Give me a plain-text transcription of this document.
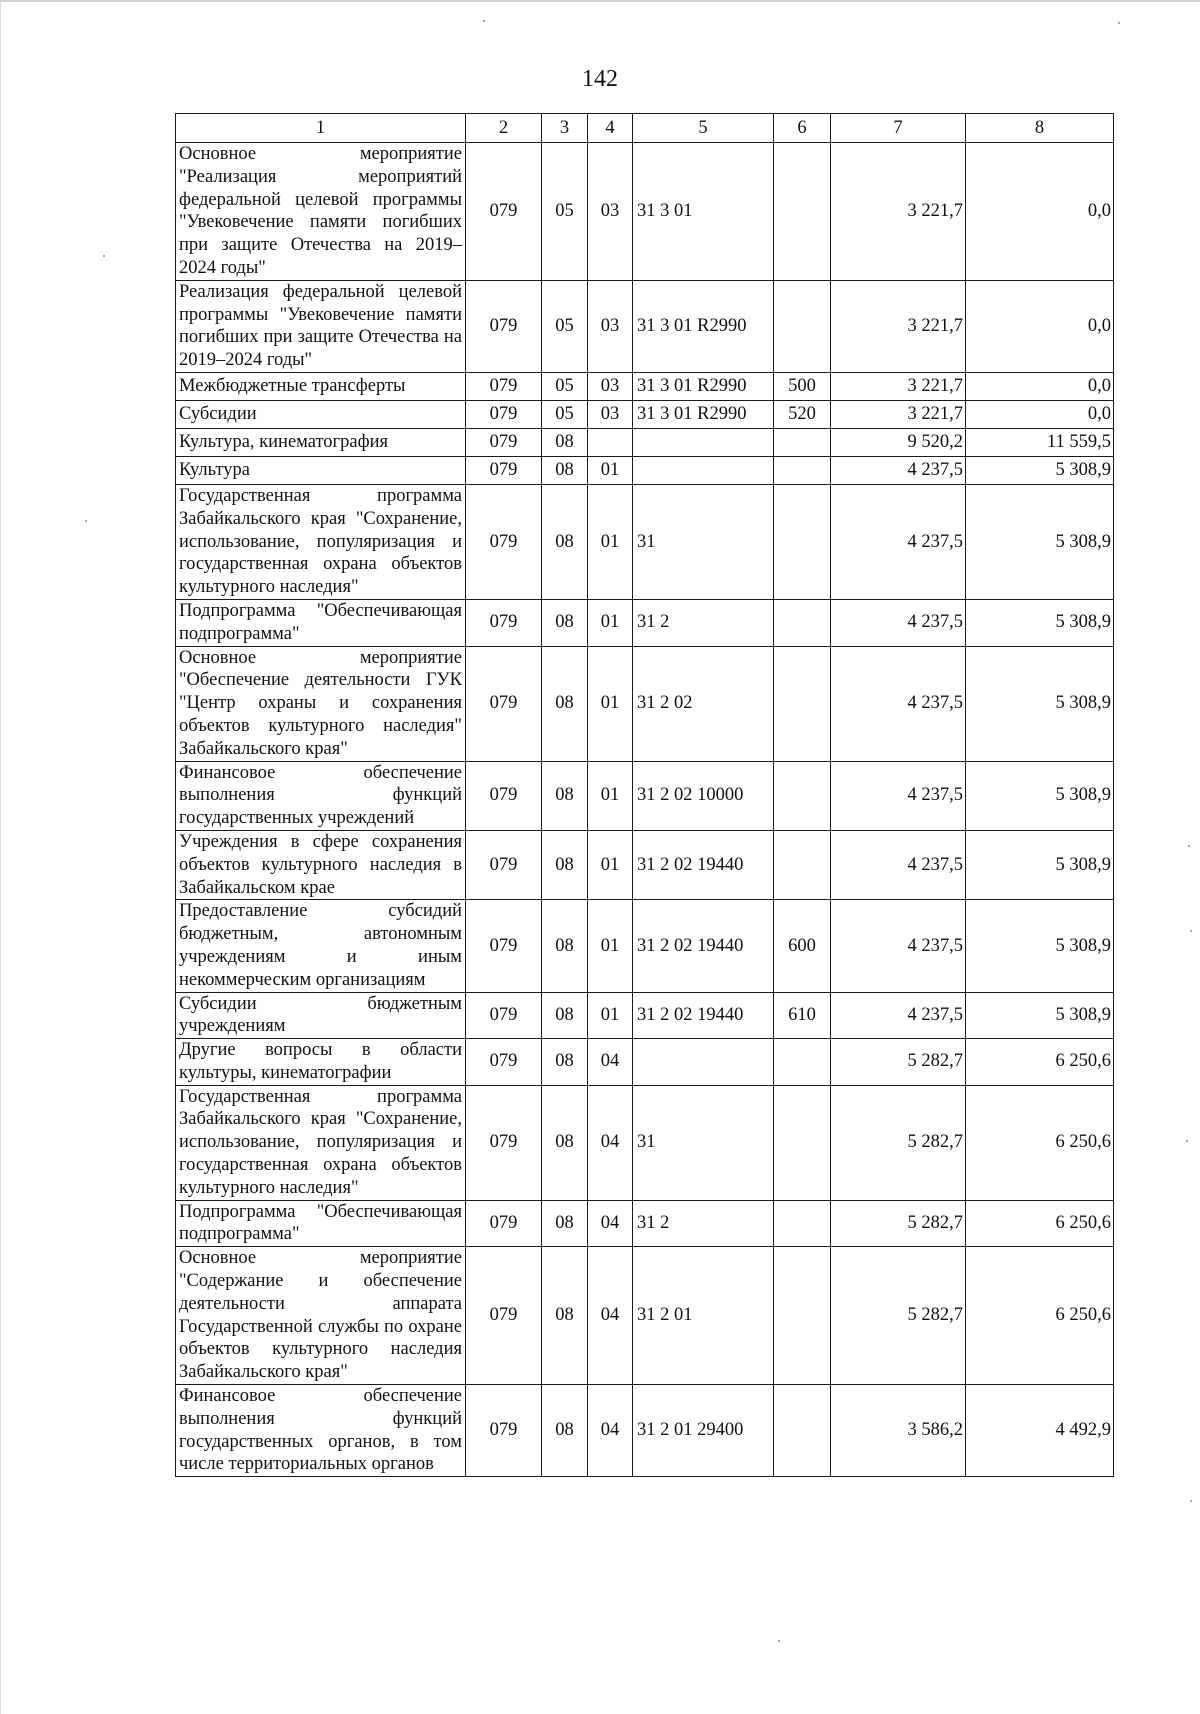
142
1	2	3	4	5	6	7	8
Основное мероприятие "Реализация мероприятий федеральной целевой программы "Увековечение памяти погибших при защите Отечества на 2019–2024 годы"	079	05	03	31 3 01		3 221,7	0,0
Реализация федеральной целевой программы "Увековечение памяти погибших при защите Отечества на 2019–2024 годы"	079	05	03	31 3 01 R2990		3 221,7	0,0
Межбюджетные трансферты	079	05	03	31 3 01 R2990	500	3 221,7	0,0
Субсидии	079	05	03	31 3 01 R2990	520	3 221,7	0,0
Культура, кинематография	079	08				9 520,2	11 559,5
Культура	079	08	01			4 237,5	5 308,9
Государственная программа Забайкальского края "Сохранение, использование, популяризация и государственная охрана объектов культурного наследия"	079	08	01	31		4 237,5	5 308,9
Подпрограмма "Обеспечивающая подпрограмма"	079	08	01	31 2		4 237,5	5 308,9
Основное мероприятие "Обеспечение деятельности ГУК "Центр охраны и сохранения объектов культурного наследия" Забайкальского края"	079	08	01	31 2 02		4 237,5	5 308,9
Финансовое обеспечение выполнения функций государственных учреждений	079	08	01	31 2 02 10000		4 237,5	5 308,9
Учреждения в сфере сохранения объектов культурного наследия в Забайкальском крае	079	08	01	31 2 02 19440		4 237,5	5 308,9
Предоставление субсидий бюджетным, автономным учреждениям и иным некоммерческим организациям	079	08	01	31 2 02 19440	600	4 237,5	5 308,9
Субсидии бюджетным учреждениям	079	08	01	31 2 02 19440	610	4 237,5	5 308,9
Другие вопросы в области культуры, кинематографии	079	08	04			5 282,7	6 250,6
Государственная программа Забайкальского края "Сохранение, использование, популяризация и государственная охрана объектов культурного наследия"	079	08	04	31		5 282,7	6 250,6
Подпрограмма "Обеспечивающая подпрограмма"	079	08	04	31 2		5 282,7	6 250,6
Основное мероприятие "Содержание и обеспечение деятельности аппарата Государственной службы по охране объектов культурного наследия Забайкальского края"	079	08	04	31 2 01		5 282,7	6 250,6
Финансовое обеспечение выполнения функций государственных органов, в том числе территориальных органов	079	08	04	31 2 01 29400		3 586,2	4 492,9
